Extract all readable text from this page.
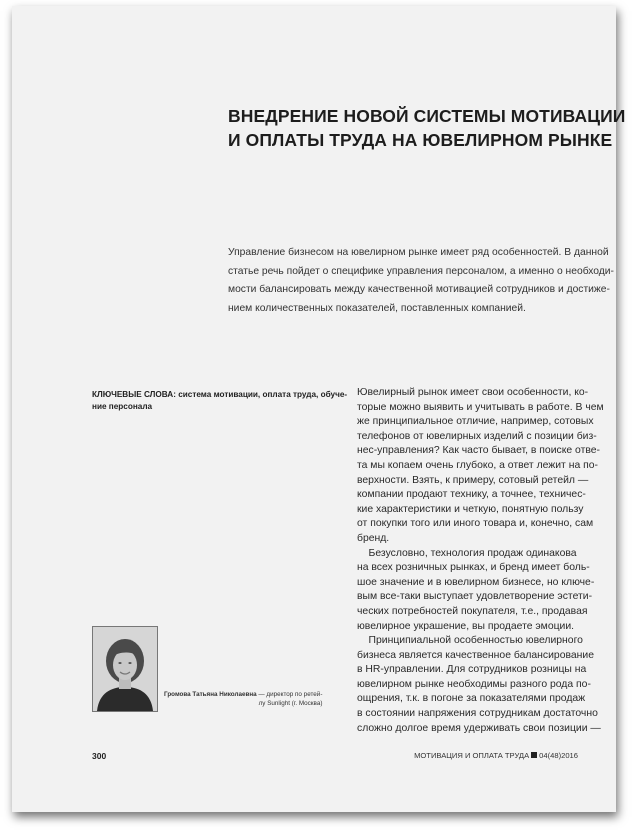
ВНЕДРЕНИЕ НОВОЙ СИСТЕМЫ МОТИВАЦИИ
И ОПЛАТЫ ТРУДА НА ЮВЕЛИРНОМ РЫНКЕ
Управление бизнесом на ювелирном рынке имеет ряд особенностей. В данной
статье речь пойдет о специфике управления персоналом, а именно о необходи-
мости балансировать между качественной мотивацией сотрудников и достиже-
нием количественных показателей, поставленных компанией.
КЛЮЧЕВЫЕ СЛОВА: система мотивации, оплата труда, обуче-
ние персонала
Ювелирный рынок имеет свои особенности, ко-
торые можно выявить и учитывать в работе. В чем
же принципиальное отличие, например, сотовых
телефонов от ювелирных изделий с позиции биз-
нес-управления? Как часто бывает, в поиске отве-
та мы копаем очень глубоко, а ответ лежит на по-
верхности. Взять, к примеру, сотовый ретейл —
компании продают технику, а точнее, техничес-
кие характеристики и четкую, понятную пользу
от покупки того или иного товара и, конечно, сам
бренд.
Безусловно, технология продаж одинакова
на всех розничных рынках, и бренд имеет боль-
шое значение и в ювелирном бизнесе, но ключе-
вым все-таки выступает удовлетворение эстети-
ческих потребностей покупателя, т.е., продавая
ювелирное украшение, вы продаете эмоции.
Принципиальной особенностью ювелирного
бизнеса является качественное балансирование
в HR-управлении. Для сотрудников розницы на
ювелирном рынке необходимы разного рода по-
ощрения, т.к. в погоне за показателями продаж
в состоянии напряжения сотрудникам достаточно
сложно долгое время удерживать свои позиции —
Громова Татьяна Николаевна — директор по ретей-
лу Sunlight (г. Москва)
300	МОТИВАЦИЯ И ОПЛАТА ТРУДА 04(48)2016
